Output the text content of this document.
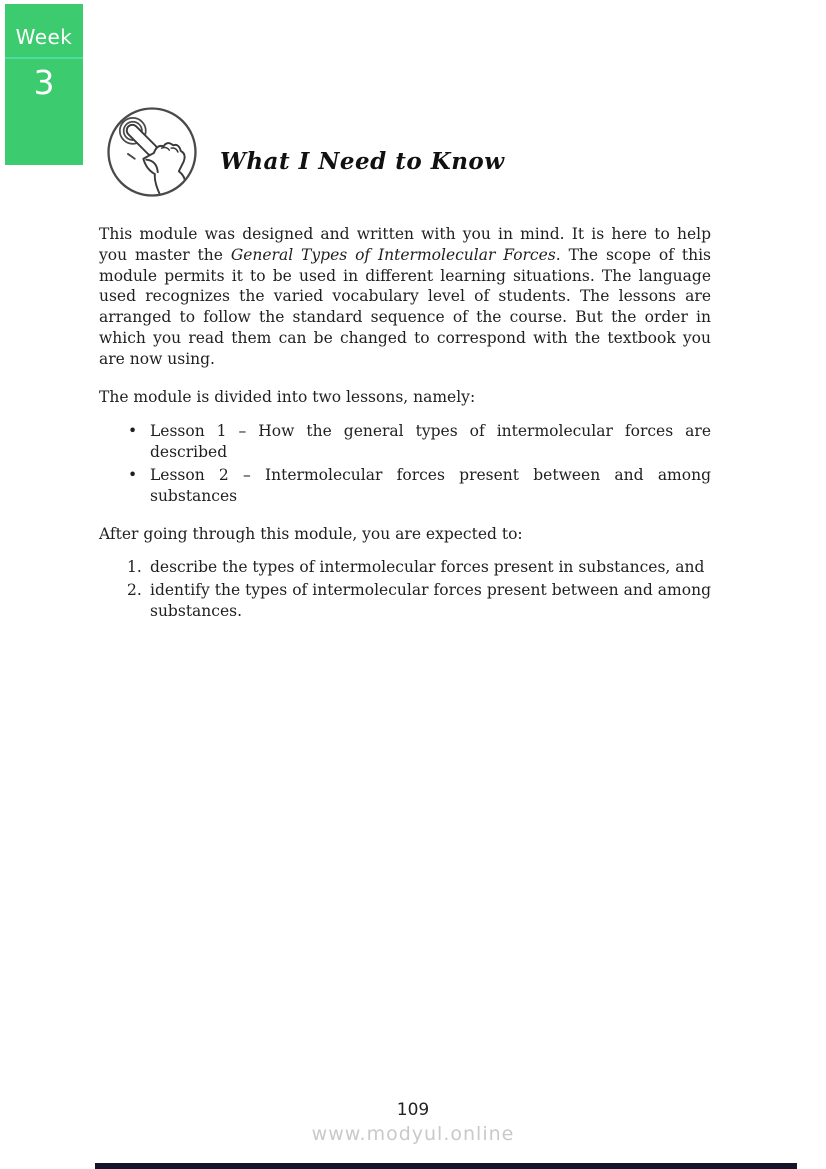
Week
3
What I Need to Know

This module was designed and written with you in mind. It is here to help you master the General Types of Intermolecular Forces. The scope of this module permits it to be used in different learning situations. The language used recognizes the varied vocabulary level of students. The lessons are arranged to follow the standard sequence of the course. But the order in which you read them can be changed to correspond with the textbook you are now using.

The module is divided into two lessons, namely:

• Lesson 1 – How the general types of intermolecular forces are described
• Lesson 2 – Intermolecular forces present between and among substances

After going through this module, you are expected to:

1. describe the types of intermolecular forces present in substances, and
2. identify the types of intermolecular forces present between and among substances.
109
www.modyul.online
